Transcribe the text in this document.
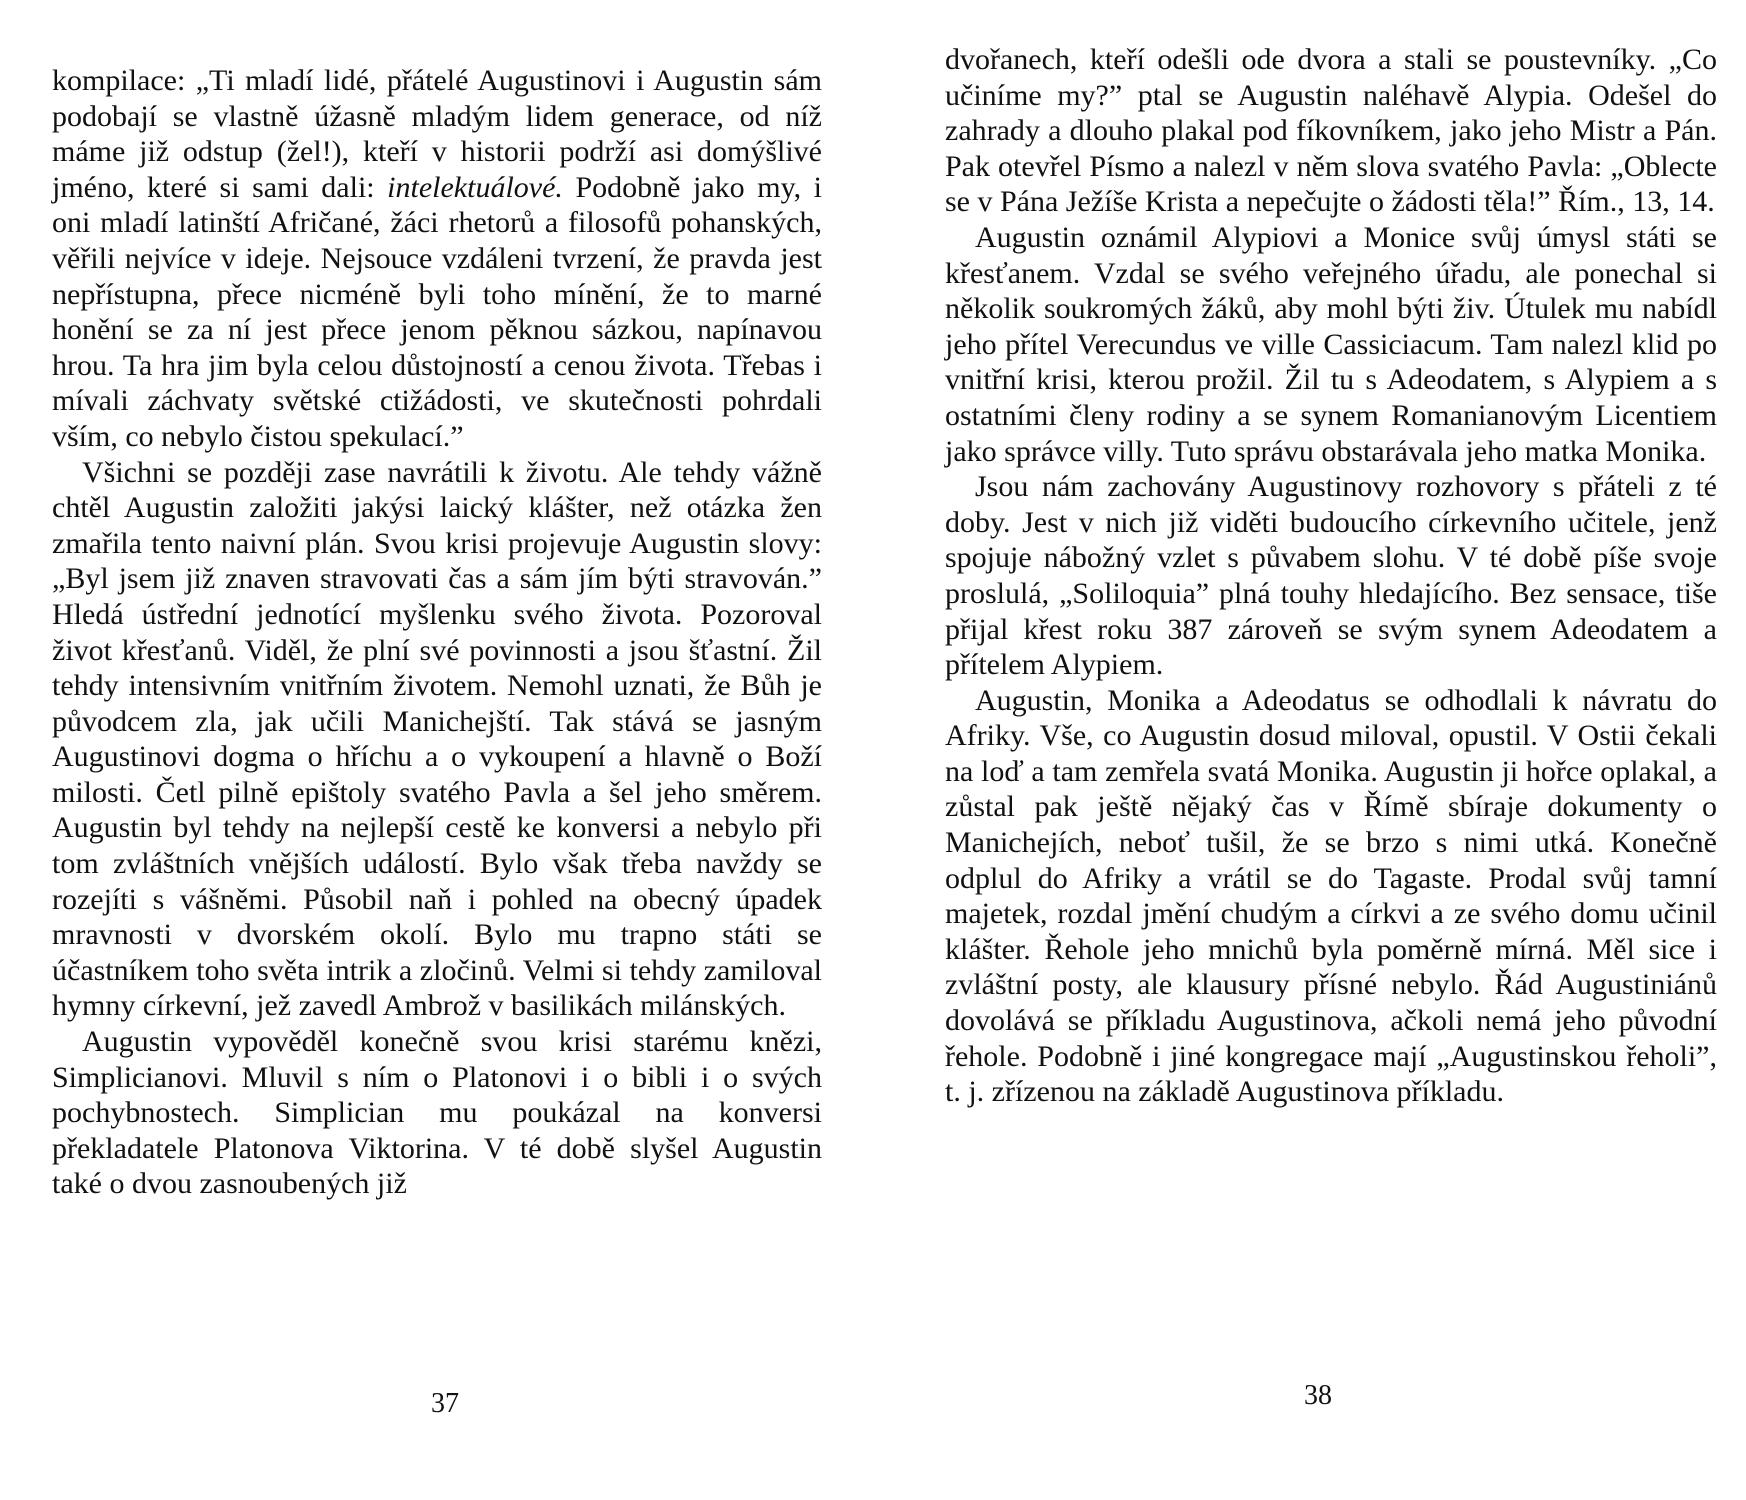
kompilace: „Ti mladí lidé, přátelé Augustinovi i Augustin sám podobají se vlastně úžasně mladým lidem generace, od níž máme již odstup (žel!), kteří v historii podrží asi domýšlivé jméno, které si sami dali: intelektuálové. Podobně jako my, i oni mladí latinští Afričané, žáci rhetorů a filosofů pohanských, věřili nejvíce v ideje. Nejsouce vzdáleni tvrzení, že pravda jest nepřístupna, přece nicméně byli toho mínění, že to marné honění se za ní jest přece jenom pěknou sázkou, napínavou hrou. Ta hra jim byla celou důstojností a cenou života. Třebas i mívali záchvaty světské ctižádosti, ve skutečnosti pohrdali vším, co nebylo čistou spekulací.”

Všichni se později zase navrátili k životu. Ale tehdy vážně chtěl Augustin založiti jakýsi laický klášter, než otázka žen zmařila tento naivní plán. Svou krisi projevuje Augustin slovy: „Byl jsem již znaven stravovati čas a sám jím býti stravován.” Hledá ústřední jednotící myšlenku svého života. Pozoroval život křesťanů. Viděl, že plní své povinnosti a jsou šťastní. Žil tehdy intensivním vnitřním životem. Nemohl uznati, že Bůh je původcem zla, jak učili Manichejští. Tak stává se jasným Augustinovi dogma o hříchu a o vykoupení a hlavně o Boží milosti. Četl pilně epištoly svatého Pavla a šel jeho směrem. Augustin byl tehdy na nejlepší cestě ke konversi a nebylo při tom zvláštních vnějších událostí. Bylo však třeba navždy se rozejíti s vášněmi. Působil naň i pohled na obecný úpadek mravnosti v dvorském okolí. Bylo mu trapno státi se účastníkem toho světa intrik a zločinů. Velmi si tehdy zamiloval hymny církevní, jež zavedl Ambrož v basilikách milánských.

Augustin vypověděl konečně svou krisi starému knězi, Simplicianovi. Mluvil s ním o Platonovi i o bibli i o svých pochybnostech. Simplician mu poukázal na konversi překladatele Platonova Viktorina. V té době slyšel Augustin také o dvou zasnoubených již

37

dvořanech, kteří odešli ode dvora a stali se poustevníky. „Co učiníme my?” ptal se Augustin naléhavě Alypia. Odešel do zahrady a dlouho plakal pod fíkovníkem, jako jeho Mistr a Pán. Pak otevřel Písmo a nalezl v něm slova svatého Pavla: „Oblecte se v Pána Ježíše Krista a nepečujte o žádosti těla!” Řím., 13, 14.

Augustin oznámil Alypiovi a Monice svůj úmysl státi se křesťanem. Vzdal se svého veřejného úřadu, ale ponechal si několik soukromých žáků, aby mohl býti živ. Útulek mu nabídl jeho přítel Verecundus ve ville Cassiciacum. Tam nalezl klid po vnitřní krisi, kterou prožil. Žil tu s Adeodatem, s Alypiem a s ostatními členy rodiny a se synem Romanianovým Licentiem jako správce villy. Tuto správu obstarávala jeho matka Monika.

Jsou nám zachovány Augustinovy rozhovory s přáteli z té doby. Jest v nich již viděti budoucího církevního učitele, jenž spojuje nábožný vzlet s půvabem slohu. V té době píše svoje proslulá, „Soliloquia” plná touhy hledajícího. Bez sensace, tiše přijal křest roku 387 zároveň se svým synem Adeodatem a přítelem Alypiem.

Augustin, Monika a Adeodatus se odhodlali k návratu do Afriky. Vše, co Augustin dosud miloval, opustil. V Ostii čekali na loď a tam zemřela svatá Monika. Augustin ji hořce oplakal, a zůstal pak ještě nějaký čas v Římě sbíraje dokumenty o Manichejích, neboť tušil, že se brzo s nimi utká. Konečně odplul do Afriky a vrátil se do Tagaste. Prodal svůj tamní majetek, rozdal jmění chudým a církvi a ze svého domu učinil klášter. Řehole jeho mnichů byla poměrně mírná. Měl sice i zvláštní posty, ale klausury přísné nebylo. Řád Augustiniánů dovolává se příkladu Augustinova, ačkoli nemá jeho původní řehole. Podobně i jiné kongregace mají „Augustinskou řeholi”, t. j. zřízenou na základě Augustinova příkladu.

38
